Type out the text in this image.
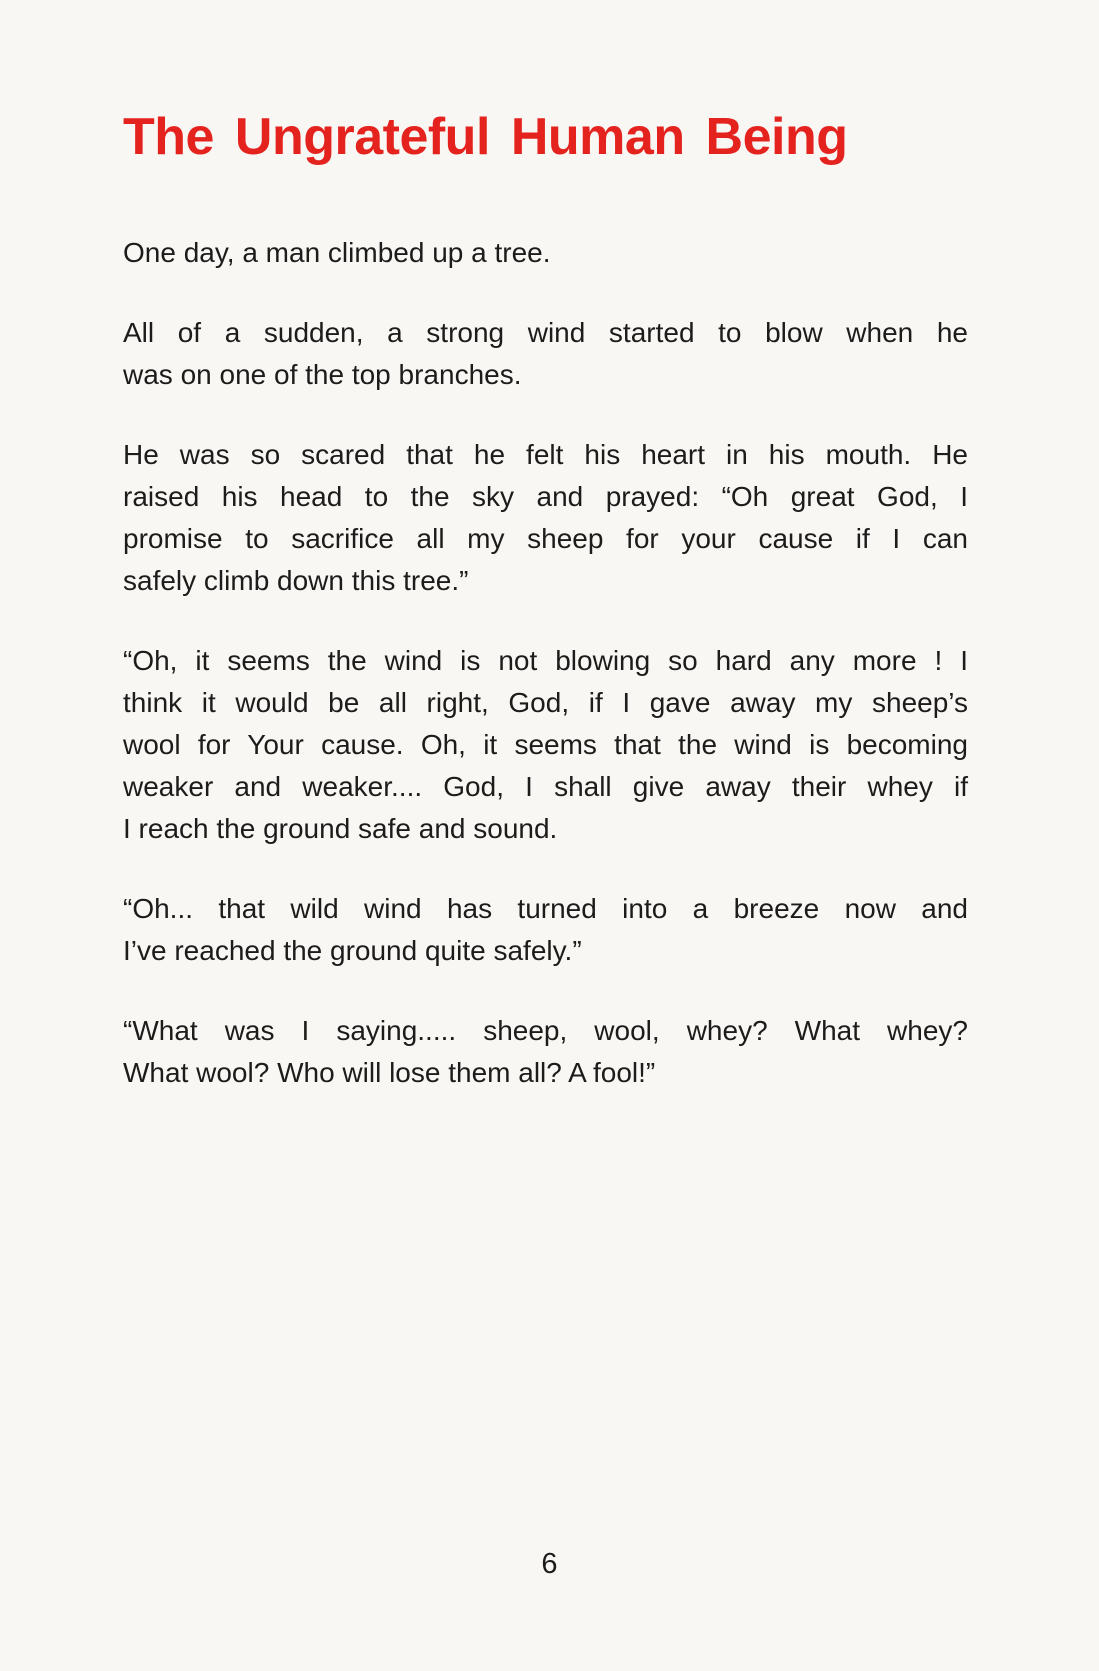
The Ungrateful Human Being

One day, a man climbed up a tree.

All of a sudden, a strong wind started to blow when he
was on one of the top branches.

He was so scared that he felt his heart in his mouth. He
raised his head to the sky and prayed: “Oh great God, I
promise to sacrifice all my sheep for your cause if I can
safely climb down this tree.”

“Oh, it seems the wind is not blowing so hard any more ! I
think it would be all right, God, if I gave away my sheep’s
wool for Your cause. Oh, it seems that the wind is becoming
weaker and weaker.... God, I shall give away their whey if
I reach the ground safe and sound.

“Oh... that wild wind has turned into a breeze now and
I’ve reached the ground quite safely.”

“What was I saying..... sheep, wool, whey? What whey?
What wool? Who will lose them all? A fool!”

6
